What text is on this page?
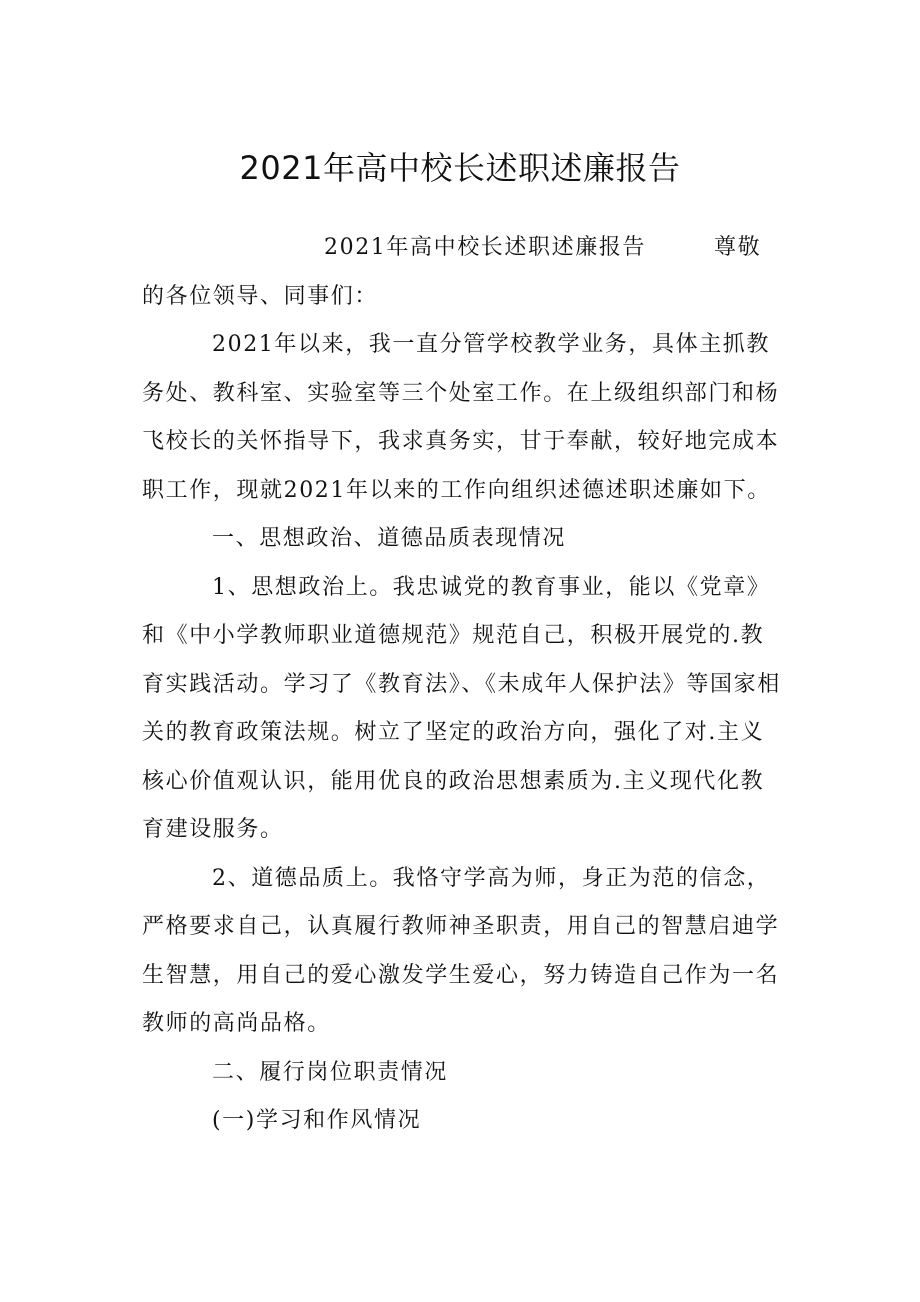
2021年高中校长述职述廉报告

2021年高中校长述职述廉报告	尊敬的各位领导、同事们：

2021年以来，我一直分管学校教学业务，具体主抓教务处、教科室、实验室等三个处室工作。在上级组织部门和杨飞校长的关怀指导下，我求真务实，甘于奉献，较好地完成本职工作，现就2021年以来的工作向组织述德述职述廉如下。

一、思想政治、道德品质表现情况

1、思想政治上。我忠诚党的教育事业，能以《党章》和《中小学教师职业道德规范》规范自己，积极开展党的.教育实践活动。学习了《教育法》、《未成年人保护法》等国家相关的教育政策法规。树立了坚定的政治方向，强化了对.主义核心价值观认识，能用优良的政治思想素质为.主义现代化教育建设服务。

2、道德品质上。我恪守学高为师，身正为范的信念，严格要求自己，认真履行教师神圣职责，用自己的智慧启迪学生智慧，用自己的爱心激发学生爱心，努力铸造自己作为一名教师的高尚品格。

二、履行岗位职责情况

(一)学习和作风情况
